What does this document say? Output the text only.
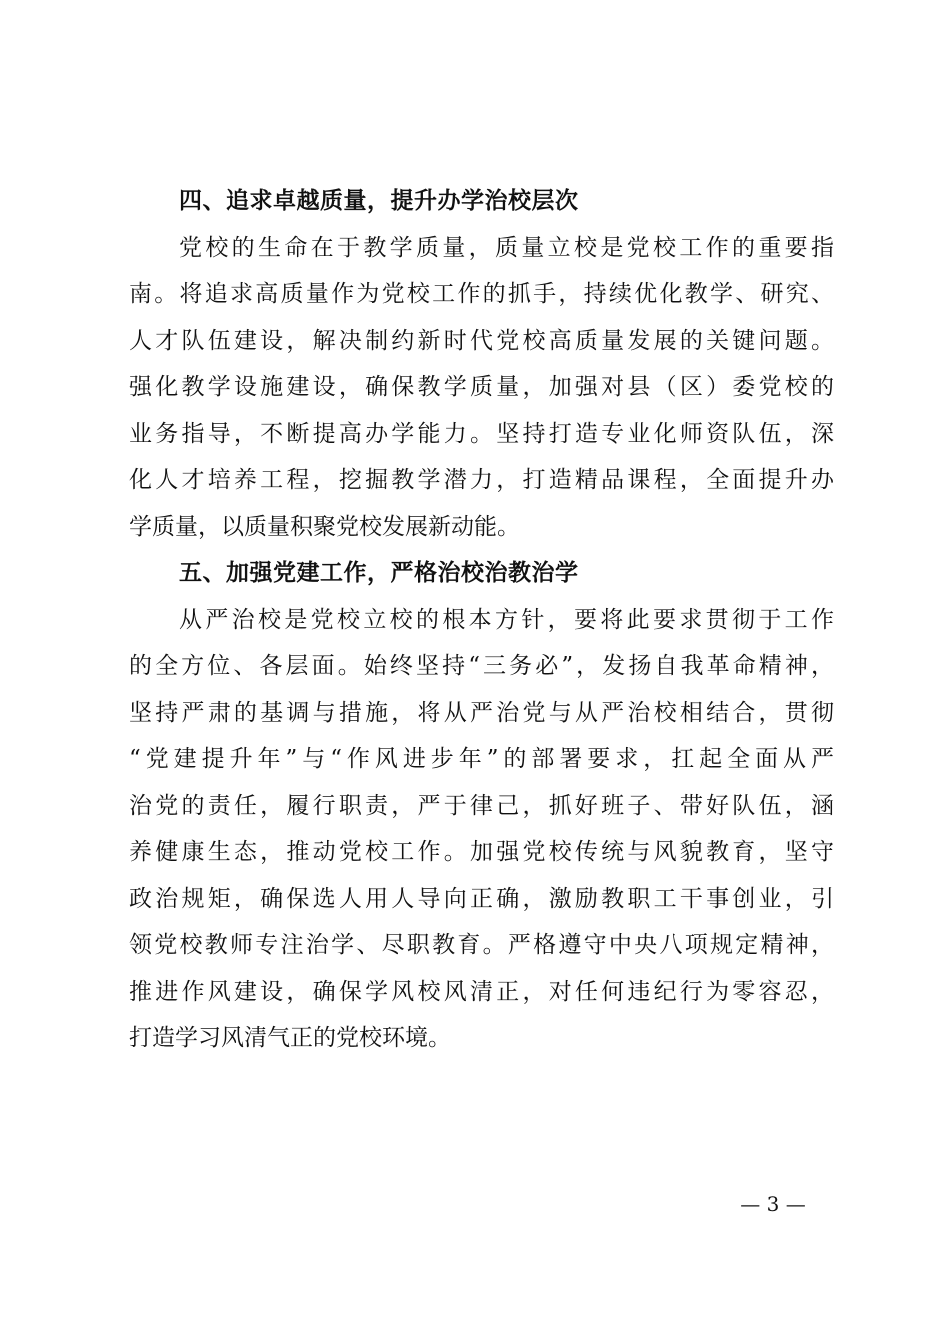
四、追求卓越质量，提升办学治校层次
党校的生命在于教学质量，质量立校是党校工作的重要指
南。将追求高质量作为党校工作的抓手，持续优化教学、研究、
人才队伍建设，解决制约新时代党校高质量发展的关键问题。
强化教学设施建设，确保教学质量，加强对县（区）委党校的
业务指导，不断提高办学能力。坚持打造专业化师资队伍，深
化人才培养工程，挖掘教学潜力，打造精品课程，全面提升办
学质量，以质量积聚党校发展新动能。
五、加强党建工作，严格治校治教治学
从严治校是党校立校的根本方针，要将此要求贯彻于工作
的全方位、各层面。始终坚持“三务必”，发扬自我革命精神，
坚持严肃的基调与措施，将从严治党与从严治校相结合，贯彻
“党建提升年”与“作风进步年”的部署要求，扛起全面从严
治党的责任，履行职责，严于律己，抓好班子、带好队伍，涵
养健康生态，推动党校工作。加强党校传统与风貌教育，坚守
政治规矩，确保选人用人导向正确，激励教职工干事创业，引
领党校教师专注治学、尽职教育。严格遵守中央八项规定精神，
推进作风建设，确保学风校风清正，对任何违纪行为零容忍，
打造学习风清气正的党校环境。
— 3 —
